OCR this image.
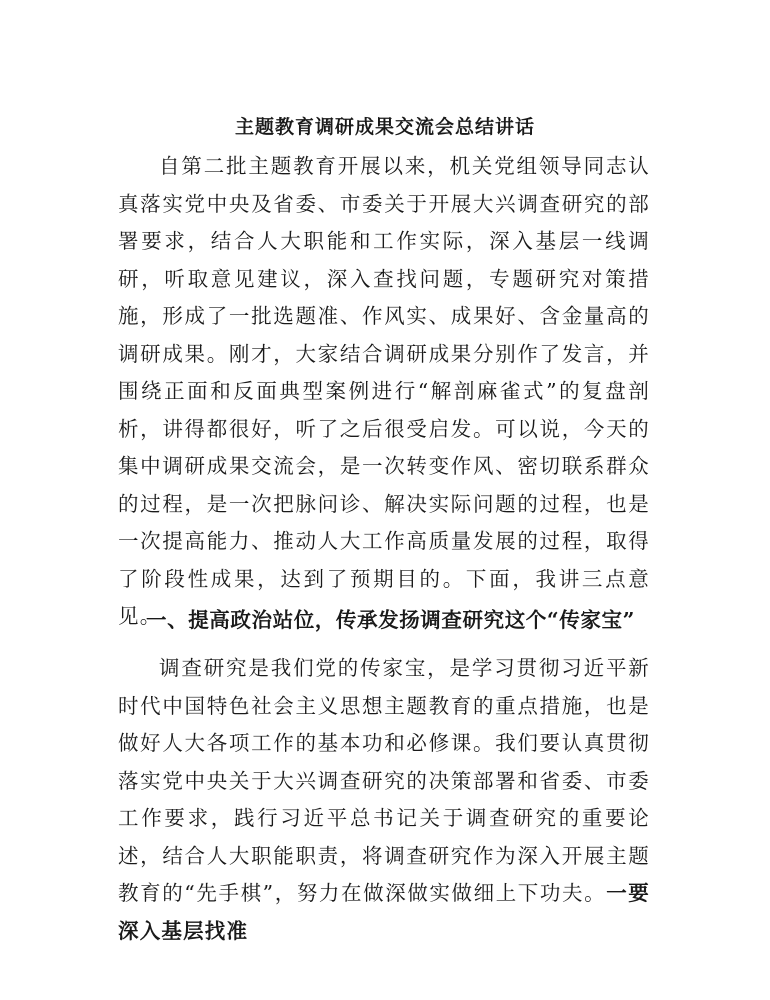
主题教育调研成果交流会总结讲话

自第二批主题教育开展以来，机关党组领导同志认真落实党中央及省委、市委关于开展大兴调查研究的部署要求，结合人大职能和工作实际，深入基层一线调研，听取意见建议，深入查找问题，专题研究对策措施，形成了一批选题准、作风实、成果好、含金量高的调研成果。刚才，大家结合调研成果分别作了发言，并围绕正面和反面典型案例进行“解剖麻雀式”的复盘剖析，讲得都很好，听了之后很受启发。可以说，今天的集中调研成果交流会，是一次转变作风、密切联系群众的过程，是一次把脉问诊、解决实际问题的过程，也是一次提高能力、推动人大工作高质量发展的过程，取得了阶段性成果，达到了预期目的。下面，我讲三点意见。

一、提高政治站位，传承发扬调查研究这个“传家宝”

调查研究是我们党的传家宝，是学习贯彻习近平新时代中国特色社会主义思想主题教育的重点措施，也是做好人大各项工作的基本功和必修课。我们要认真贯彻落实党中央关于大兴调查研究的决策部署和省委、市委工作要求，践行习近平总书记关于调查研究的重要论述，结合人大职能职责，将调查研究作为深入开展主题教育的“先手棋”，努力在做深做实做细上下功夫。一要深入基层找准
